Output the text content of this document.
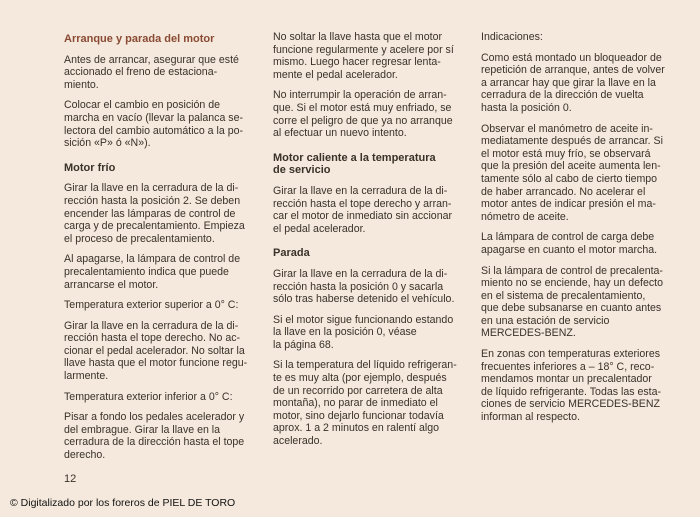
Arranque y parada del motor

Antes de arrancar, asegurar que esté
accionado el freno de estaciona-
miento.

Colocar el cambio en posición de
marcha en vacío (llevar la palanca se-
lectora del cambio automático a la po-
sición «P» ó «N»).

Motor frío

Girar la llave en la cerradura de la di-
rección hasta la posición 2. Se deben
encender las lámparas de control de
carga y de precalentamiento. Empieza
el proceso de precalentamiento.

Al apagarse, la lámpara de control de
precalentamiento indica que puede
arrancarse el motor.

Temperatura exterior superior a 0° C:

Girar la llave en la cerradura de la di-
rección hasta el tope derecho. No ac-
cionar el pedal acelerador. No soltar la
llave hasta que el motor funcione regu-
larmente.

Temperatura exterior inferior a 0° C:

Pisar a fondo los pedales acelerador y
del embrague. Girar la llave en la
cerradura de la dirección hasta el tope
derecho.

No soltar la llave hasta que el motor
funcione regularmente y acelere por sí
mismo. Luego hacer regresar lenta-
mente el pedal acelerador.

No interrumpir la operación de arran-
que. Si el motor está muy enfriado, se
corre el peligro de que ya no arranque
al efectuar un nuevo intento.

Motor caliente a la temperatura
de servicio

Girar la llave en la cerradura de la di-
rección hasta el tope derecho y arran-
car el motor de inmediato sin accionar
el pedal acelerador.

Parada

Girar la llave en la cerradura de la di-
rección hasta la posición 0 y sacarla
sólo tras haberse detenido el vehículo.

Si el motor sigue funcionando estando
la llave en la posición 0, véase
la página 68.

Si la temperatura del líquido refrigeran-
te es muy alta (por ejemplo, después
de un recorrido por carretera de alta
montaña), no parar de inmediato el
motor, sino dejarlo funcionar todavía
aprox. 1 a 2 minutos en ralentí algo
acelerado.

Indicaciones:

Como está montado un bloqueador de
repetición de arranque, antes de volver
a arrancar hay que girar la llave en la
cerradura de la dirección de vuelta
hasta la posición 0.

Observar el manómetro de aceite in-
mediatamente después de arrancar. Si
el motor está muy frío, se observará
que la presión del aceite aumenta len-
tamente sólo al cabo de cierto tiempo
de haber arrancado. No acelerar el
motor antes de indicar presión el ma-
nómetro de aceite.

La lámpara de control de carga debe
apagarse en cuanto el motor marcha.

Si la lámpara de control de precalenta-
miento no se enciende, hay un defecto
en el sistema de precalentamiento,
que debe subsanarse en cuanto antes
en una estación de servicio
MERCEDES-BENZ.

En zonas con temperaturas exteriores
frecuentes inferiores a – 18° C, reco-
mendamos montar un precalentador
de líquido refrigerante. Todas las esta-
ciones de servicio MERCEDES-BENZ
informan al respecto.

12
© Digitalizado por los foreros de PIEL DE TORO
